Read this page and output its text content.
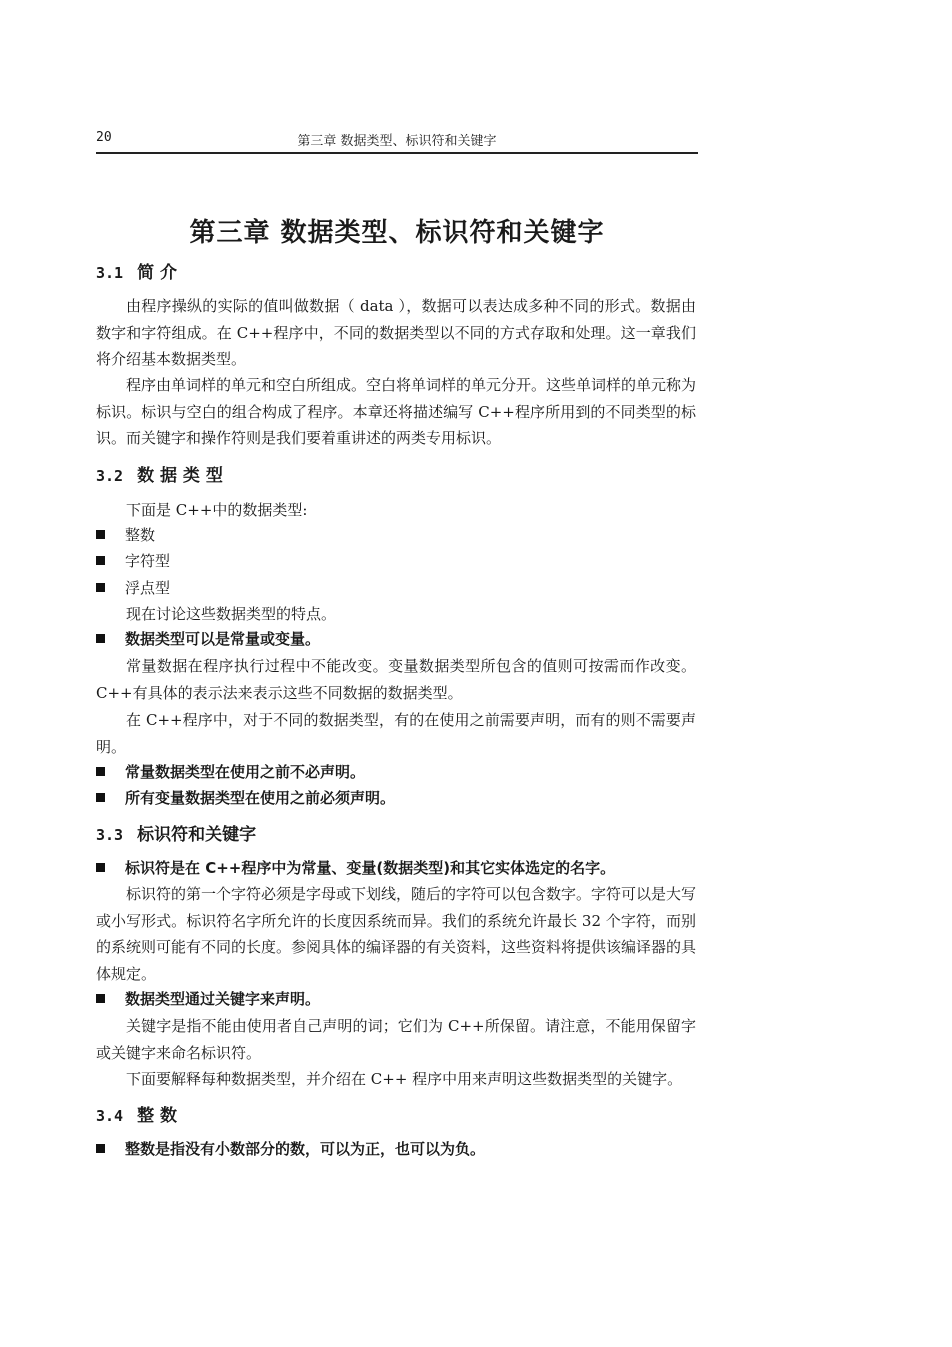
20	第三章 数据类型、标识符和关键字
第三章 数据类型、标识符和关键字
3.1 简 介
由程序操纵的实际的值叫做数据（ data ），数据可以表达成多种不同的形式。数据由数字和字符组成。在 C++程序中，不同的数据类型以不同的方式存取和处理。这一章我们将介绍基本数据类型。
程序由单词样的单元和空白所组成。空白将单词样的单元分开。这些单词样的单元称为标识。标识与空白的组合构成了程序。本章还将描述编写 C++程序所用到的不同类型的标识。而关键字和操作符则是我们要着重讲述的两类专用标识。
3.2 数 据 类 型
下面是 C++中的数据类型:
整数
字符型
浮点型
现在讨论这些数据类型的特点。
数据类型可以是常量或变量。
常量数据在程序执行过程中不能改变。变量数据类型所包含的值则可按需而作改变。C++有具体的表示法来表示这些不同数据的数据类型。
在 C++程序中，对于不同的数据类型，有的在使用之前需要声明，而有的则不需要声明。
常量数据类型在使用之前不必声明。
所有变量数据类型在使用之前必须声明。
3.3 标识符和关键字
标识符是在 C++程序中为常量、变量(数据类型)和其它实体选定的名字。
标识符的第一个字符必须是字母或下划线，随后的字符可以包含数字。字符可以是大写或小写形式。标识符名字所允许的长度因系统而异。我们的系统允许最长 32 个字符，而别的系统则可能有不同的长度。参阅具体的编译器的有关资料，这些资料将提供该编译器的具体规定。
数据类型通过关键字来声明。
关键字是指不能由使用者自己声明的词；它们为 C++所保留。请注意，不能用保留字或关键字来命名标识符。
下面要解释每种数据类型，并介绍在 C++ 程序中用来声明这些数据类型的关键字。
3.4 整 数
整数是指没有小数部分的数，可以为正，也可以为负。
